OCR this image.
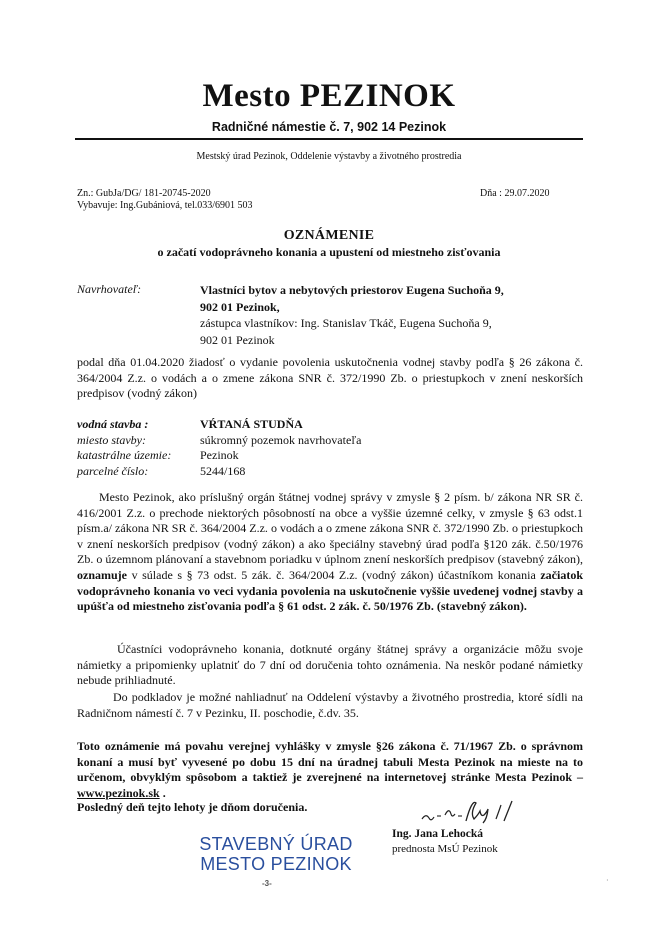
Mesto PEZINOK
Radničné námestie č. 7, 902 14 Pezinok
Mestský úrad Pezinok, Oddelenie výstavby a životného prostredia
Zn.: GubJa/DG/ 181-20745-2020
Vybavuje: Ing.Gubániová, tel.033/6901 503
Dňa : 29.07.2020
OZNÁMENIE
o začatí vodoprávneho konania a upustení od miestneho zisťovania
Navrhovateľ:	Vlastníci bytov a nebytových priestorov Eugena Suchoňa 9,
902 01 Pezinok,
zástupca vlastníkov: Ing. Stanislav Tkáč, Eugena Suchoňa 9,
902 01 Pezinok

podal dňa 01.04.2020 žiadosť o vydanie povolenia uskutočnenia vodnej stavby podľa § 26 zákona č. 364/2004 Z.z. o vodách a o zmene zákona SNR č. 372/1990 Zb. o priestupkoch v znení neskorších predpisov (vodný zákon)

vodná stavba :	VŔTANÁ STUDŇA
miesto stavby:	súkromný pozemok navrhovateľa
katastrálne územie:Pezinok
parcelné číslo:	5244/168

Mesto Pezinok, ako príslušný orgán štátnej vodnej správy v zmysle § 2 písm. b/ zákona NR SR č. 416/2001 Z.z. o prechode niektorých pôsobností na obce a vyššie územné celky, v zmysle § 63 odst.1 písm.a/ zákona NR SR č. 364/2004 Z.z. o vodách a o zmene zákona SNR č. 372/1990 Zb. o priestupkoch v znení neskorších predpisov (vodný zákon) a ako špeciálny stavebný úrad podľa §120 zák. č.50/1976 Zb. o územnom plánovaní a stavebnom poriadku v úplnom znení neskorších predpisov (stavebný zákon), oznamuje v súlade s § 73 odst. 5 zák. č. 364/2004 Z.z. (vodný zákon) účastníkom konania začiatok vodoprávneho konania vo veci vydania povolenia na uskutočnenie vyššie uvedenej vodnej stavby a upúšťa od miestneho zisťovania podľa § 61 odst. 2 zák. č. 50/1976 Zb. (stavebný zákon).

Účastníci vodoprávneho konania, dotknuté orgány štátnej správy a organizácie môžu svoje námietky a pripomienky uplatniť do 7 dní od doručenia tohto oznámenia. Na neskôr podané námietky nebude prihliadnuté.

Do podkladov je možné nahliadnuť na Oddelení výstavby a životného prostredia, ktoré sídli na Radničnom námestí č. 7 v Pezinku, II. poschodie, č.dv. 35.

Toto oznámenie má povahu verejnej vyhlášky v zmysle §26 zákona č. 71/1967 Zb. o správnom konaní a musí byť vyvesené po dobu 15 dní na úradnej tabuli Mesta Pezinok na mieste na to určenom, obvyklým spôsobom a taktiež je zverejnené na internetovej stránke Mesta Pezinok – www.pezinok.sk .

Posledný deň tejto lehoty je dňom doručenia.
STAVEBNÝ ÚRAD
MESTO PEZINOK
-3-
Ing. Jana Lehocká
prednosta MsÚ Pezinok
·
